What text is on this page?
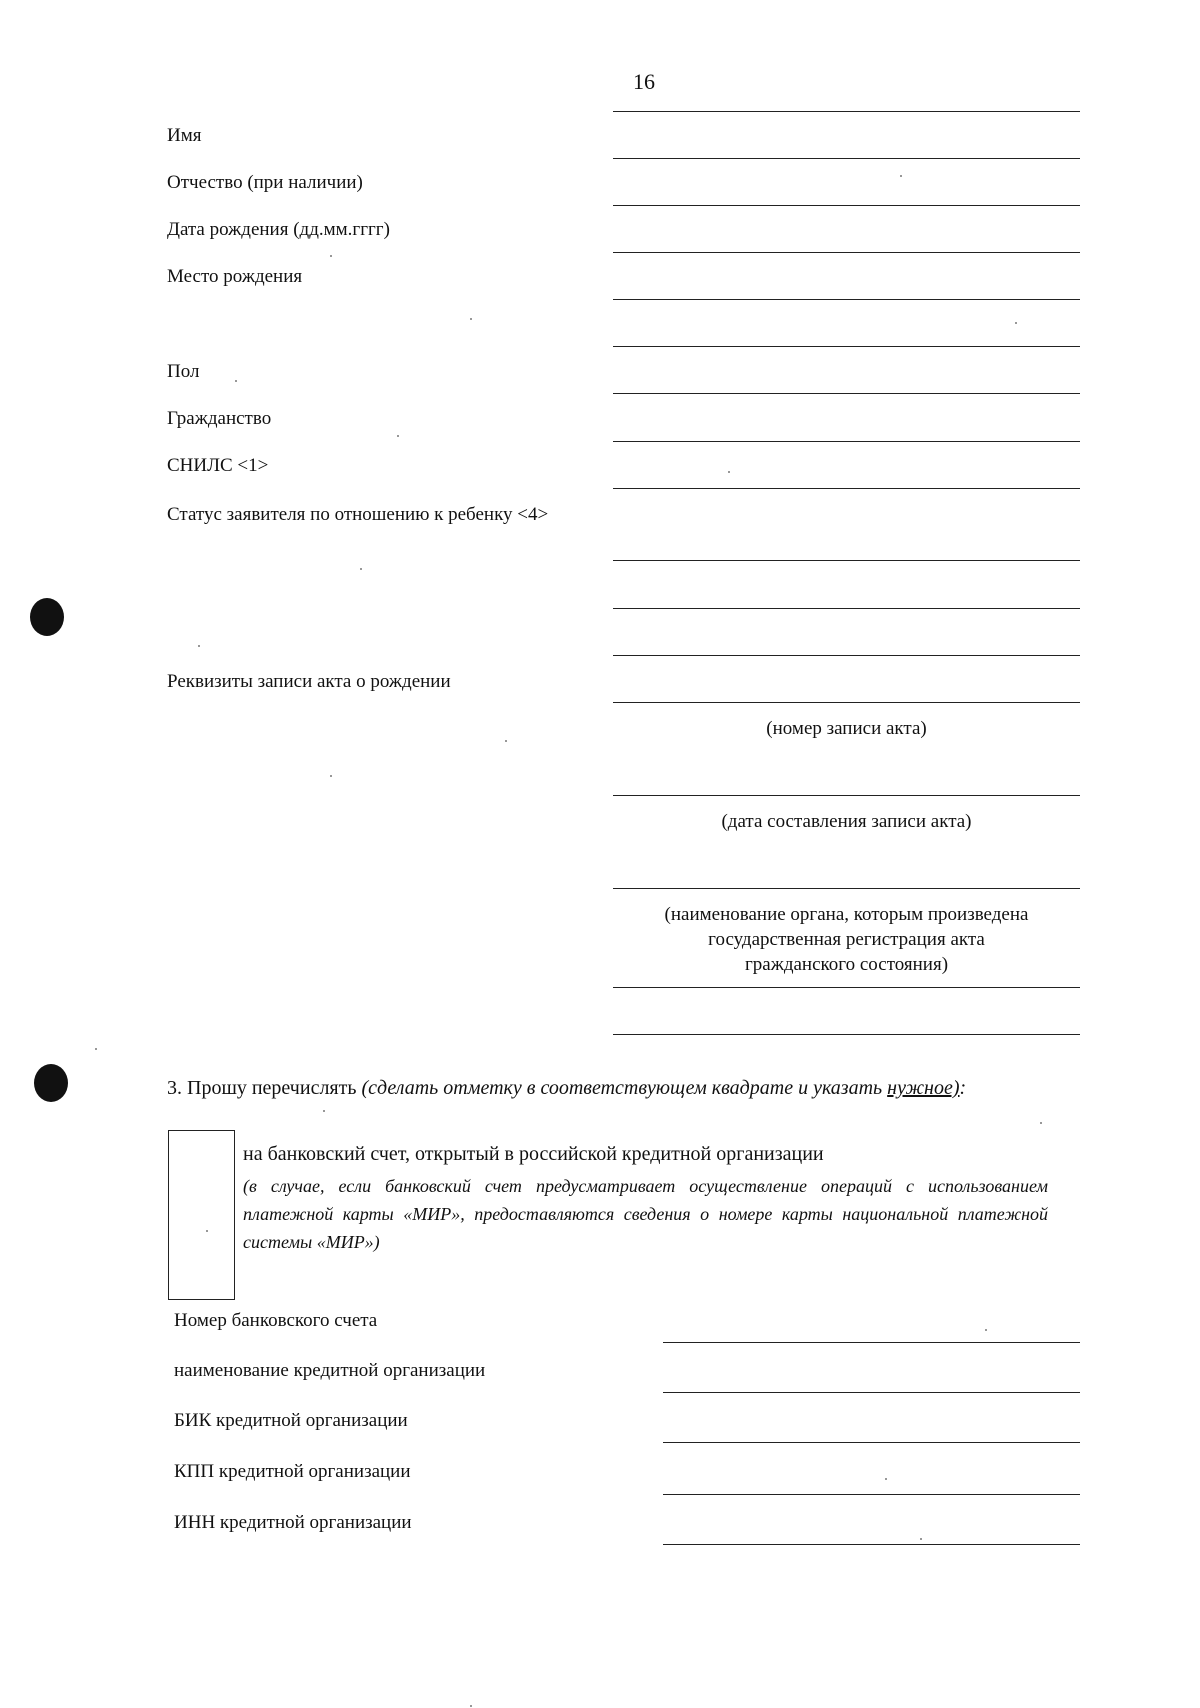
16
Имя
Отчество (при наличии)
Дата рождения (дд.мм.гггг)
Место рождения
Пол
Гражданство
СНИЛС <1>
Статус заявителя по отношению к ребенку <4>
Реквизиты записи акта о рождении
(номер записи акта)
(дата составления записи акта)
(наименование органа, которым произведена
государственная регистрация акта
гражданского состояния)
3. Прошу перечислять (сделать отметку в соответствующем квадрате и указать нужное):
на банковский счет, открытый в российской кредитной организации
(в случае, если банковский счет предусматривает осуществление операций с использованием платежной карты «МИР», предоставляются сведения о номере карты национальной платежной системы «МИР»)
Номер банковского счета
наименование кредитной организации
БИК кредитной организации
КПП кредитной организации
ИНН кредитной организации
